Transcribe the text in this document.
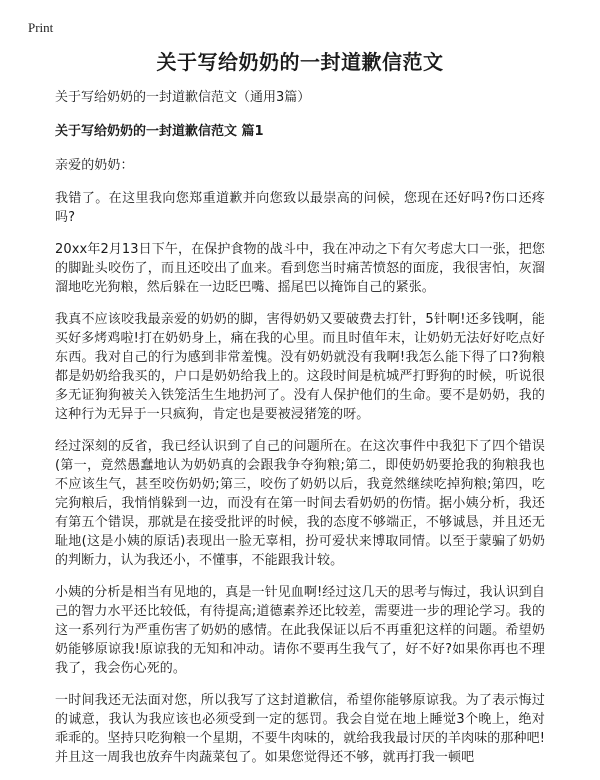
Print
关于写给奶奶的一封道歉信范文

关于写给奶奶的一封道歉信范文（通用3篇）

关于写给奶奶的一封道歉信范文 篇1

亲爱的奶奶：

我错了。在这里我向您郑重道歉并向您致以最崇高的问候，您现在还好吗?伤口还疼吗?

20xx年2月13日下午，在保护食物的战斗中，我在冲动之下有欠考虑大口一张，把您的脚趾头咬伤了，而且还咬出了血来。看到您当时痛苦愤怒的面庞，我很害怕，灰溜溜地吃光狗粮，然后躲在一边眨巴嘴、摇尾巴以掩饰自己的紧张。

我真不应该咬我最亲爱的奶奶的脚，害得奶奶又要破费去打针，5针啊!还多钱啊，能买好多烤鸡啦!打在奶奶身上，痛在我的心里。而且时值年末，让奶奶无法好好吃点好东西。我对自己的行为感到非常羞愧。没有奶奶就没有我啊!我怎么能下得了口?狗粮都是奶奶给我买的，户口是奶奶给我上的。这段时间是杭城严打野狗的时候，听说很多无证狗狗被关入铁笼活生生地扔河了。没有人保护他们的生命。要不是奶奶，我的这种行为无异于一只疯狗，肯定也是要被浸猪笼的呀。

经过深刻的反省，我已经认识到了自己的问题所在。在这次事件中我犯下了四个错误(第一，竟然愚蠢地认为奶奶真的会跟我争夺狗粮;第二，即使奶奶要抢我的狗粮我也不应该生气，甚至咬伤奶奶;第三，咬伤了奶奶以后，我竟然继续吃掉狗粮;第四，吃完狗粮后，我悄悄躲到一边，而没有在第一时间去看奶奶的伤情。据小姨分析，我还有第五个错误，那就是在接受批评的时候，我的态度不够端正，不够诚恳，并且还无耻地(这是小姨的原话)表现出一脸无辜相，扮可爱状来博取同情。以至于蒙骗了奶奶的判断力，认为我还小，不懂事，不能跟我计较。

小姨的分析是相当有见地的，真是一针见血啊!经过这几天的思考与悔过，我认识到自己的智力水平还比较低，有待提高;道德素养还比较差，需要进一步的理论学习。我的这一系列行为严重伤害了奶奶的感情。在此我保证以后不再重犯这样的问题。希望奶奶能够原谅我!原谅我的无知和冲动。请你不要再生我气了，好不好?如果你再也不理我了，我会伤心死的。

一时间我还无法面对您，所以我写了这封道歉信，希望你能够原谅我。为了表示悔过的诚意，我认为我应该也必须受到一定的惩罚。我会自觉在地上睡觉3个晚上，绝对乖乖的。坚持只吃狗粮一个星期，不要牛肉味的，就给我我最讨厌的羊肉味的那种吧!并且这一周我也放弃牛肉蔬菜包了。如果您觉得还不够，就再打我一顿吧
